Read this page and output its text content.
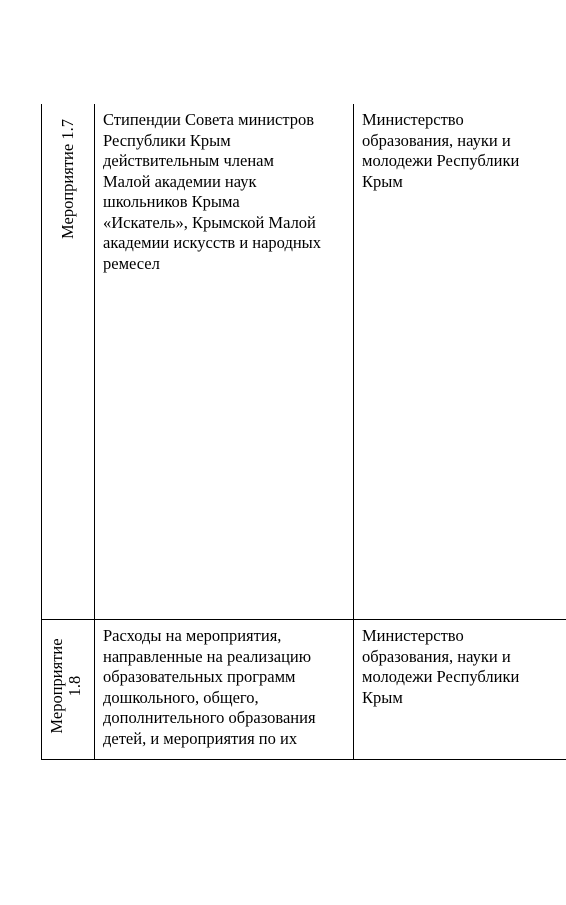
Мероприятие 1.7 Стипендии Совета министров
Республики Крым
действительным членам
Малой академии наук
школьников Крыма
«Искатель», Крымской Малой
академии искусств и народных
ремесел
Министерство
образования, науки и
молодежи Республики
Крым
Мероприятие
1.8
Расходы на мероприятия,
направленные на реализацию
образовательных программ
дошкольного, общего,
дополнительного образования
детей, и мероприятия по их
Министерство
образования, науки и
молодежи Республики
Крым
